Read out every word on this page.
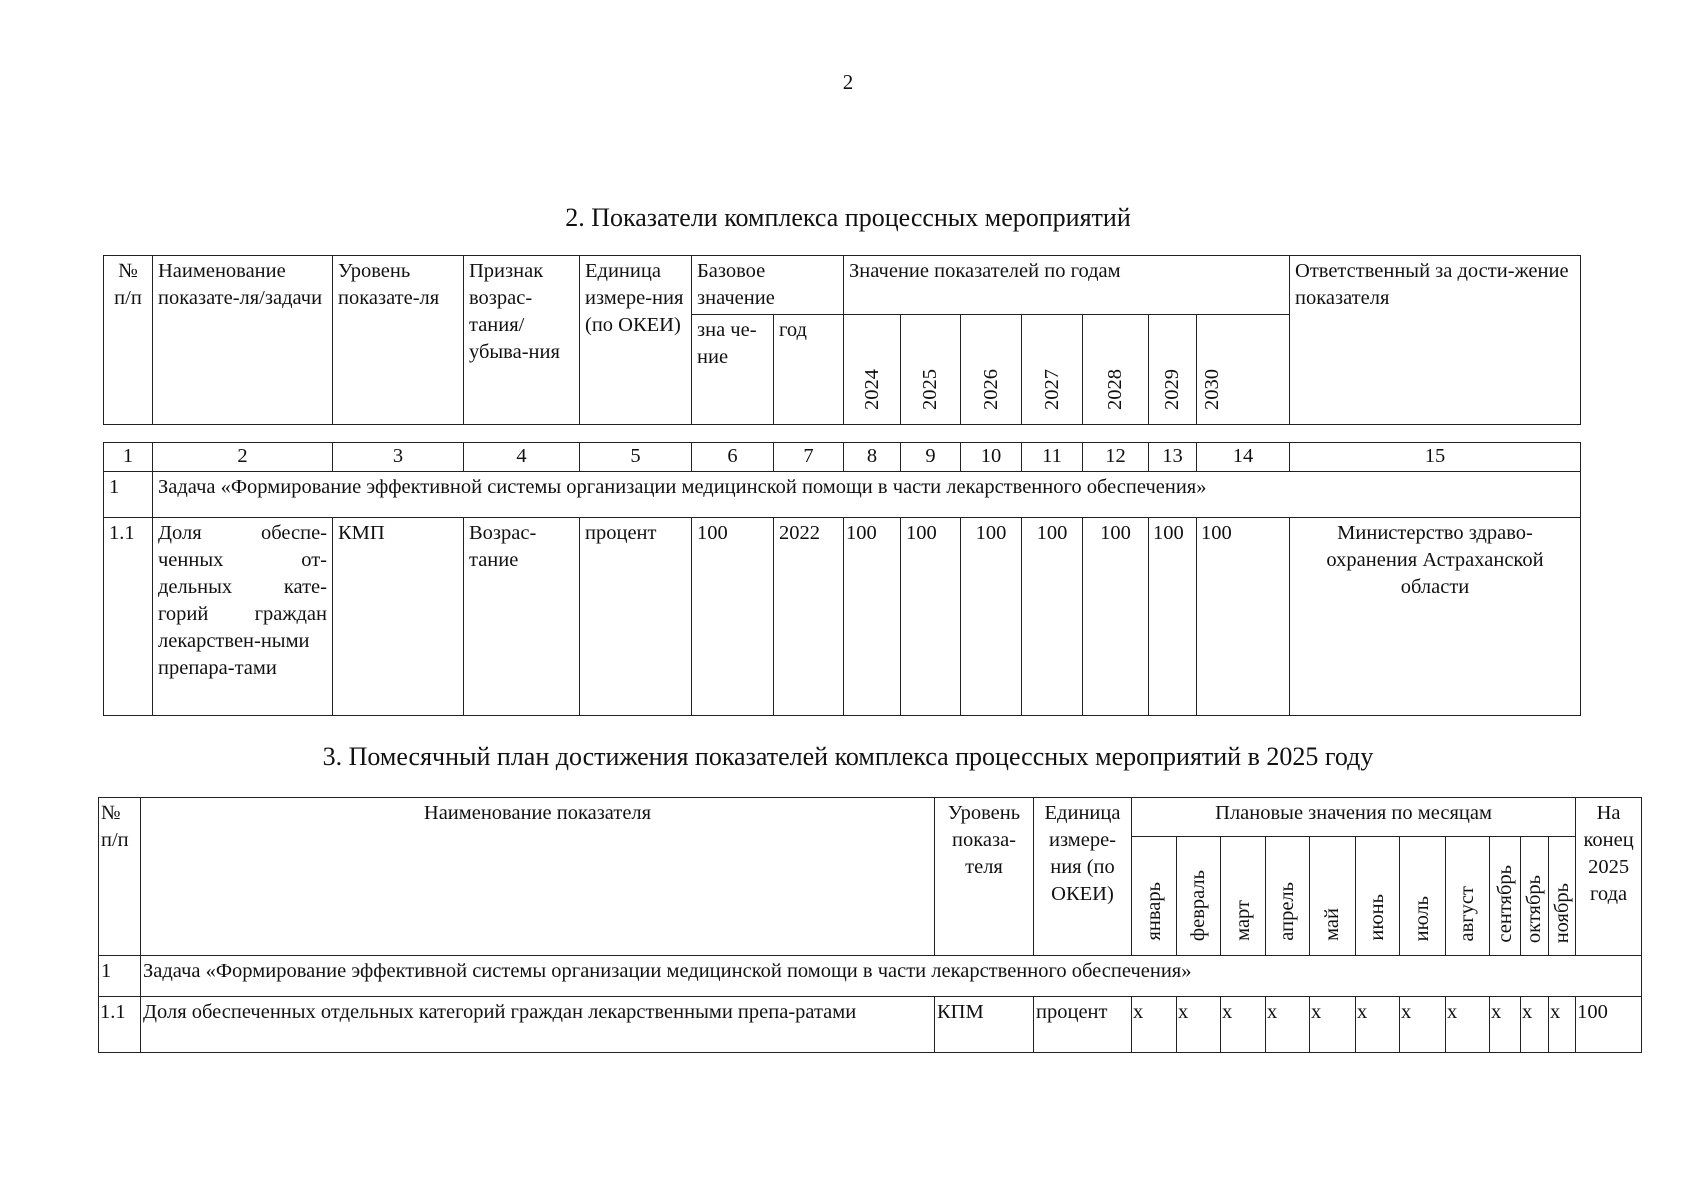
2
2. Показатели комплекса процессных мероприятий
№ п/п	Наименование показате-ля/задачи	Уровень показате-ля	Признак возрас-тания/ убыва-ния	Единица измере-ния (по ОКЕИ)	Базовое значение		Значение показателей по годам							Ответственный за дости-жение показателя
					зна че-ние	год	2024	2025	2026	2027	2028	2029	2030	
1	2	3	4	5	6	7	8	9	10	11	12	13	14	15
1	Задача «Формирование эффективной системы организации медицинской помощи в части лекарственного обеспечения»													
1.1	Доля обеспе-ченных от-дельных кате-горий граждан лекарствен-ными препара-тами	КМП	Возрас-тание	процент	100	2022	100	100	100	100	100	100	100	Министерство здраво-охранения Астраханской области
3. Помесячный план достижения показателей комплекса процессных мероприятий в 2025 году
№ п/п	Наименование показателя	Уровень показа-теля	Единица измере-ния (по ОКЕИ)	Плановые значения по месяцам											На конец 2025 года
				январь	февраль	март	апрель	май	июнь	июль	август	сентябрь	октябрь	ноябрь	
1	Задача «Формирование эффективной системы организации медицинской помощи в части лекарственного обеспечения»														
1.1	Доля обеспеченных отдельных категорий граждан лекарственными препа-ратами	КПМ	процент	x	x	x	x	x	x	x	x	x	x	x	100
